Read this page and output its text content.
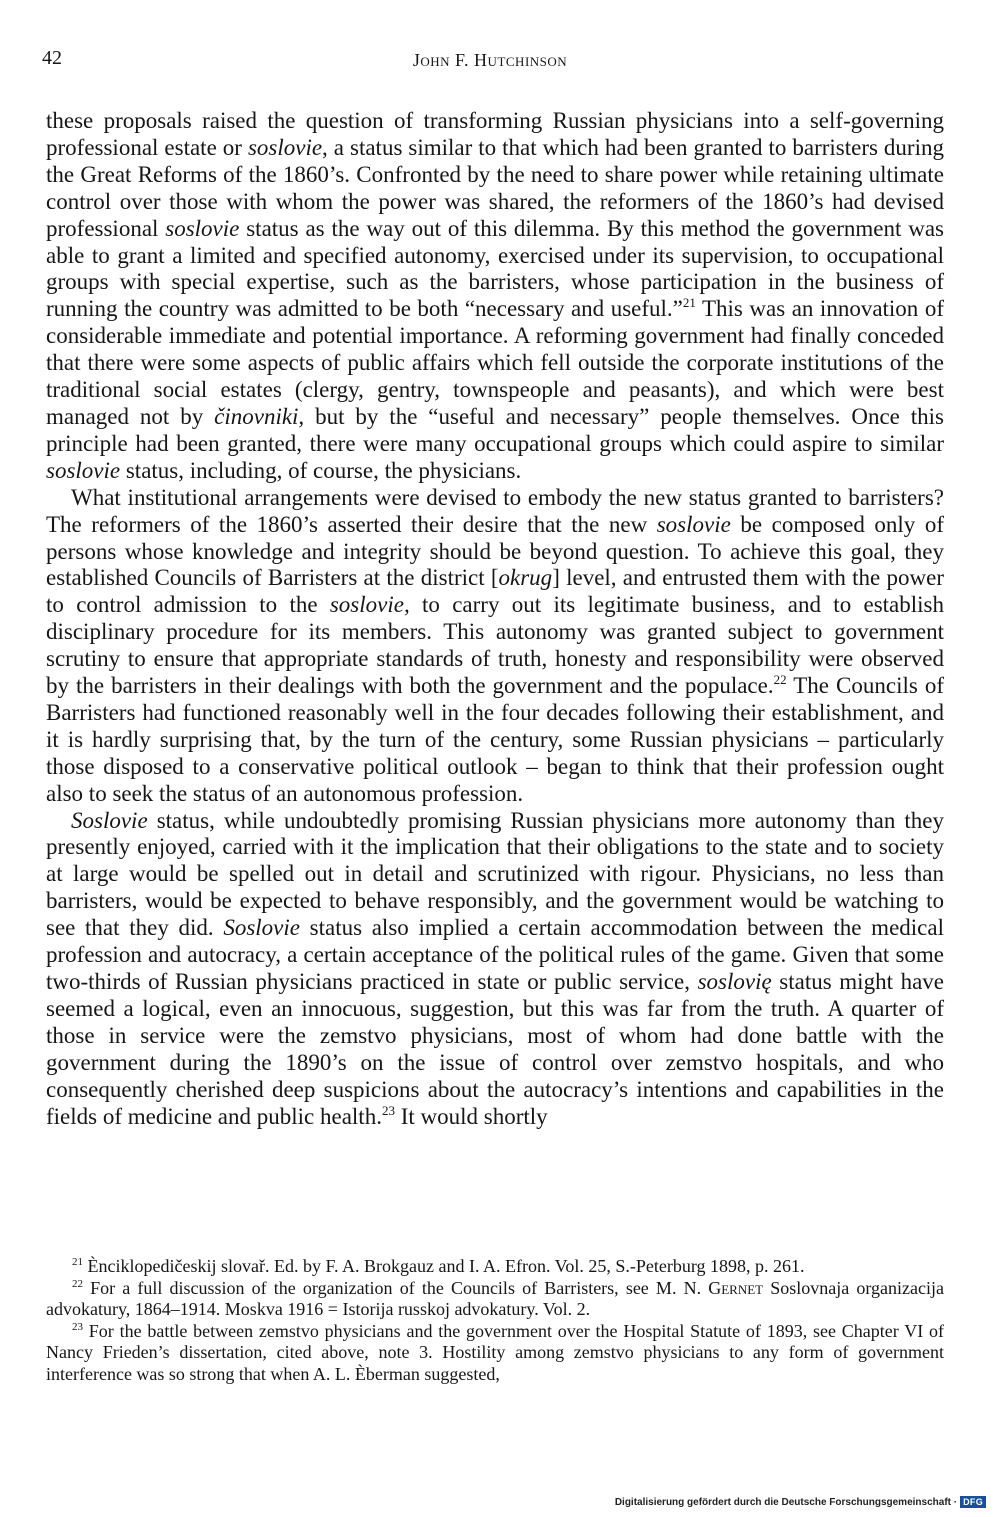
42	John F. Hutchinson

these proposals raised the question of transforming Russian physicians into a self-governing professional estate or soslovie, a status similar to that which had been granted to barristers during the Great Reforms of the 1860’s. Confronted by the need to share power while retaining ultimate control over those with whom the power was shared, the reformers of the 1860’s had devised professional soslovie status as the way out of this dilemma. By this method the government was able to grant a limited and specified autonomy, exercised under its supervision, to occupational groups with special expertise, such as the barristers, whose participation in the business of running the country was admitted to be both “necessary and useful.”$^{21}$ This was an innovation of considerable immediate and potential importance. A reforming government had finally conceded that there were some aspects of public affairs which fell outside the corporate institutions of the traditional social estates (clergy, gentry, townspeople and peasants), and which were best managed not by činovniki, but by the “useful and necessary” people themselves. Once this principle had been granted, there were many occupational groups which could aspire to similar soslovie status, including, of course, the physicians.

What institutional arrangements were devised to embody the new status granted to barristers? The reformers of the 1860’s asserted their desire that the new soslovie be composed only of persons whose knowledge and integrity should be beyond question. To achieve this goal, they established Councils of Barristers at the district [okrug] level, and entrusted them with the power to control admission to the soslovie, to carry out its legitimate business, and to establish disciplinary procedure for its members. This autonomy was granted subject to government scrutiny to ensure that appropriate standards of truth, honesty and responsibility were observed by the barristers in their dealings with both the government and the populace.$^{22}$ The Councils of Barristers had functioned reasonably well in the four decades following their establishment, and it is hardly surprising that, by the turn of the century, some Russian physicians – particularly those disposed to a conservative political outlook – began to think that their profession ought also to seek the status of an autonomous profession.

Soslovie status, while undoubtedly promising Russian physicians more autonomy than they presently enjoyed, carried with it the implication that their obligations to the state and to society at large would be spelled out in detail and scrutinized with rigour. Physicians, no less than barristers, would be expected to behave responsibly, and the government would be watching to see that they did. Soslovie status also implied a certain accommodation between the medical profession and autocracy, a certain acceptance of the political rules of the game. Given that some two-thirds of Russian physicians practiced in state or public service, soslovię status might have seemed a logical, even an innocuous, suggestion, but this was far from the truth. A quarter of those in service were the zemstvo physicians, most of whom had done battle with the government during the 1890’s on the issue of control over zemstvo hospitals, and who consequently cherished deep suspicions about the autocracy’s intentions and capabilities in the fields of medicine and public health.$^{23}$ It would shortly

$^{21}$ Ènciklopedičeskij slovař. Ed. by F. A. Brokgauz and I. A. Efron. Vol. 25, S.-Peterburg 1898, p. 261.

$^{22}$ For a full discussion of the organization of the Councils of Barristers, see M. N. Gernet Soslovnaja organizacija advokatury, 1864–1914. Moskva 1916 = Istorija russkoj advokatury. Vol. 2.

$^{23}$ For the battle between zemstvo physicians and the government over the Hospital Statute of 1893, see Chapter VI of Nancy Frieden’s dissertation, cited above, note 3. Hostility among zemstvo physicians to any form of government interference was so strong that when A. L. Èberman suggested,

Digitalisierung gefördert durch die Deutsche Forschungsgemeinschaft · DFG
